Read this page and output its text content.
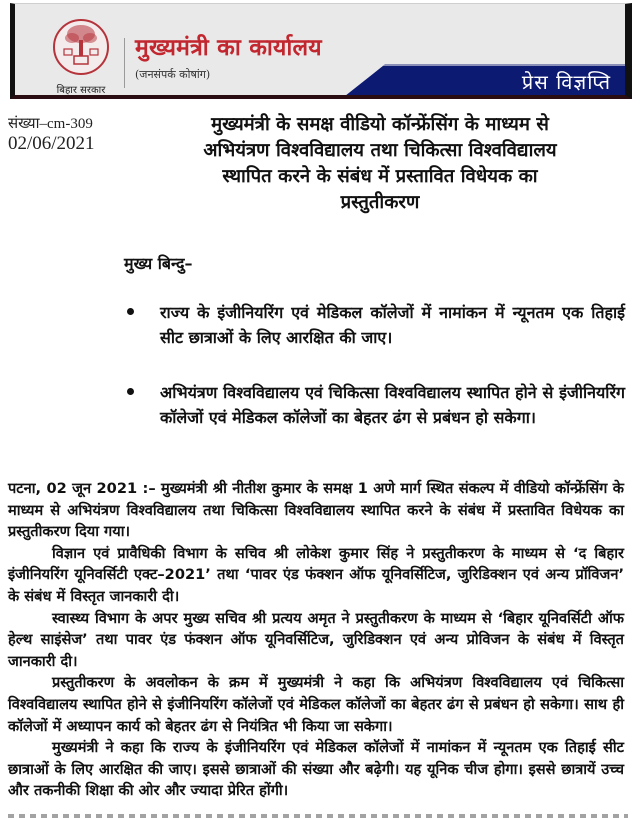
बिहार सरकार
मुख्यमंत्री का कार्यालय
(जनसंपर्क कोषांग)	प्रेस विज्ञप्ति
संख्या–cm-309
02/06/2021
मुख्यमंत्री के समक्ष वीडियो कॉन्फ्रेंसिंग के माध्यम से
अभियंत्रण विश्वविद्यालय तथा चिकित्सा विश्वविद्यालय
स्थापित करने के संबंध में प्रस्तावित विधेयक का
प्रस्तुतीकरण
मुख्य बिन्दु–
राज्य के इंजीनियरिंग एवं मेडिकल कॉलेजों में नामांकन में न्यूनतम एक तिहाई सीट छात्राओं के लिए आरक्षित की जाए।
अभियंत्रण विश्वविद्यालय एवं चिकित्सा विश्वविद्यालय स्थापित होने से इंजीनियरिंग कॉलेजों एवं मेडिकल कॉलेजों का बेहतर ढंग से प्रबंधन हो सकेगा।

पटना, 02 जून 2021 :– मुख्यमंत्री श्री नीतीश कुमार के समक्ष 1 अणे मार्ग स्थित संकल्प में वीडियो कॉन्फ्रेंसिंग के माध्यम से अभियंत्रण विश्वविद्यालय तथा चिकित्सा विश्वविद्यालय स्थापित करने के संबंध में प्रस्तावित विधेयक का प्रस्तुतीकरण दिया गया।

विज्ञान एवं प्रावैधिकी विभाग के सचिव श्री लोकेश कुमार सिंह ने प्रस्तुतीकरण के माध्यम से ‘द बिहार इंजीनियरिंग यूनिवर्सिटी एक्ट–2021’ तथा ‘पावर एंड फंक्शन ऑफ यूनिवर्सिटिज, जुरिडिक्शन एवं अन्य प्रॉविजन’ के संबंध में विस्तृत जानकारी दी।

स्वास्थ्य विभाग के अपर मुख्य सचिव श्री प्रत्यय अमृत ने प्रस्तुतीकरण के माध्यम से ‘बिहार यूनिवर्सिटी ऑफ हेल्थ साइंसेज’ तथा पावर एंड फंक्शन ऑफ यूनिवर्सिटिज, जुरिडिक्शन एवं अन्य प्रोविजन के संबंध में विस्तृत जानकारी दी।

प्रस्तुतीकरण के अवलोकन के क्रम में मुख्यमंत्री ने कहा कि अभियंत्रण विश्वविद्यालय एवं चिकित्सा विश्वविद्यालय स्थापित होने से इंजीनियरिंग कॉलेजों एवं मेडिकल कॉलेजों का बेहतर ढंग से प्रबंधन हो सकेगा। साथ ही कॉलेजों में अध्यापन कार्य को बेहतर ढंग से नियंत्रित भी किया जा सकेगा।

मुख्यमंत्री ने कहा कि राज्य के इंजीनियरिंग एवं मेडिकल कॉलेजों में नामांकन में न्यूनतम एक तिहाई सीट छात्राओं के लिए आरक्षित की जाए। इससे छात्राओं की संख्या और बढ़ेगी। यह यूनिक चीज होगा। इससे छात्रायें उच्च और तकनीकी शिक्षा की ओर और ज्यादा प्रेरित होंगी।
